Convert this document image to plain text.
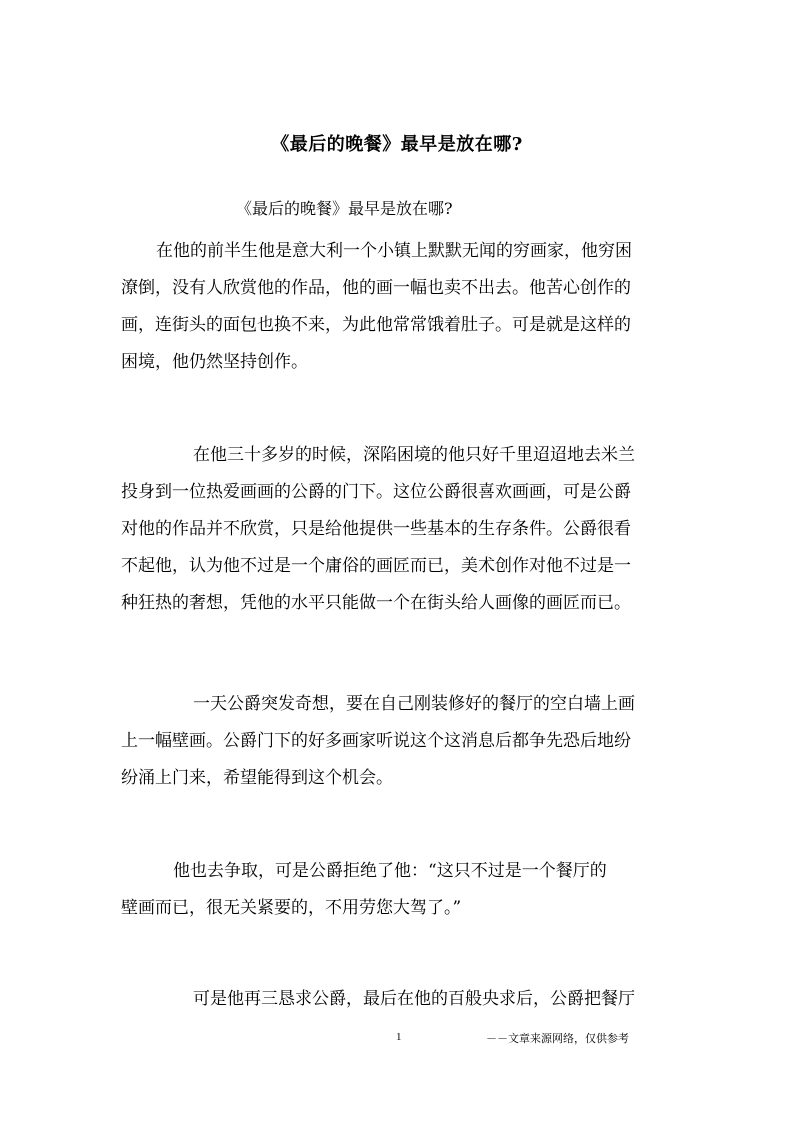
《最后的晚餐》最早是放在哪?
《最后的晚餐》最早是放在哪?
在他的前半生他是意大利一个小镇上默默无闻的穷画家，他穷困
潦倒，没有人欣赏他的作品，他的画一幅也卖不出去。他苦心创作的
画，连街头的面包也换不来，为此他常常饿着肚子。可是就是这样的
困境，他仍然坚持创作。
在他三十多岁的时候，深陷困境的他只好千里迢迢地去米兰
投身到一位热爱画画的公爵的门下。这位公爵很喜欢画画，可是公爵
对他的作品并不欣赏，只是给他提供一些基本的生存条件。公爵很看
不起他，认为他不过是一个庸俗的画匠而已，美术创作对他不过是一
种狂热的奢想，凭他的水平只能做一个在街头给人画像的画匠而已。
一天公爵突发奇想，要在自己刚装修好的餐厅的空白墙上画
上一幅壁画。公爵门下的好多画家听说这个这消息后都争先恐后地纷
纷涌上门来，希望能得到这个机会。
他也去争取，可是公爵拒绝了他：“这只不过是一个餐厅的
壁画而已，很无关紧要的，不用劳您大驾了。”
可是他再三恳求公爵，最后在他的百般央求后，公爵把餐厅
1	－－文章来源网络，仅供参考
